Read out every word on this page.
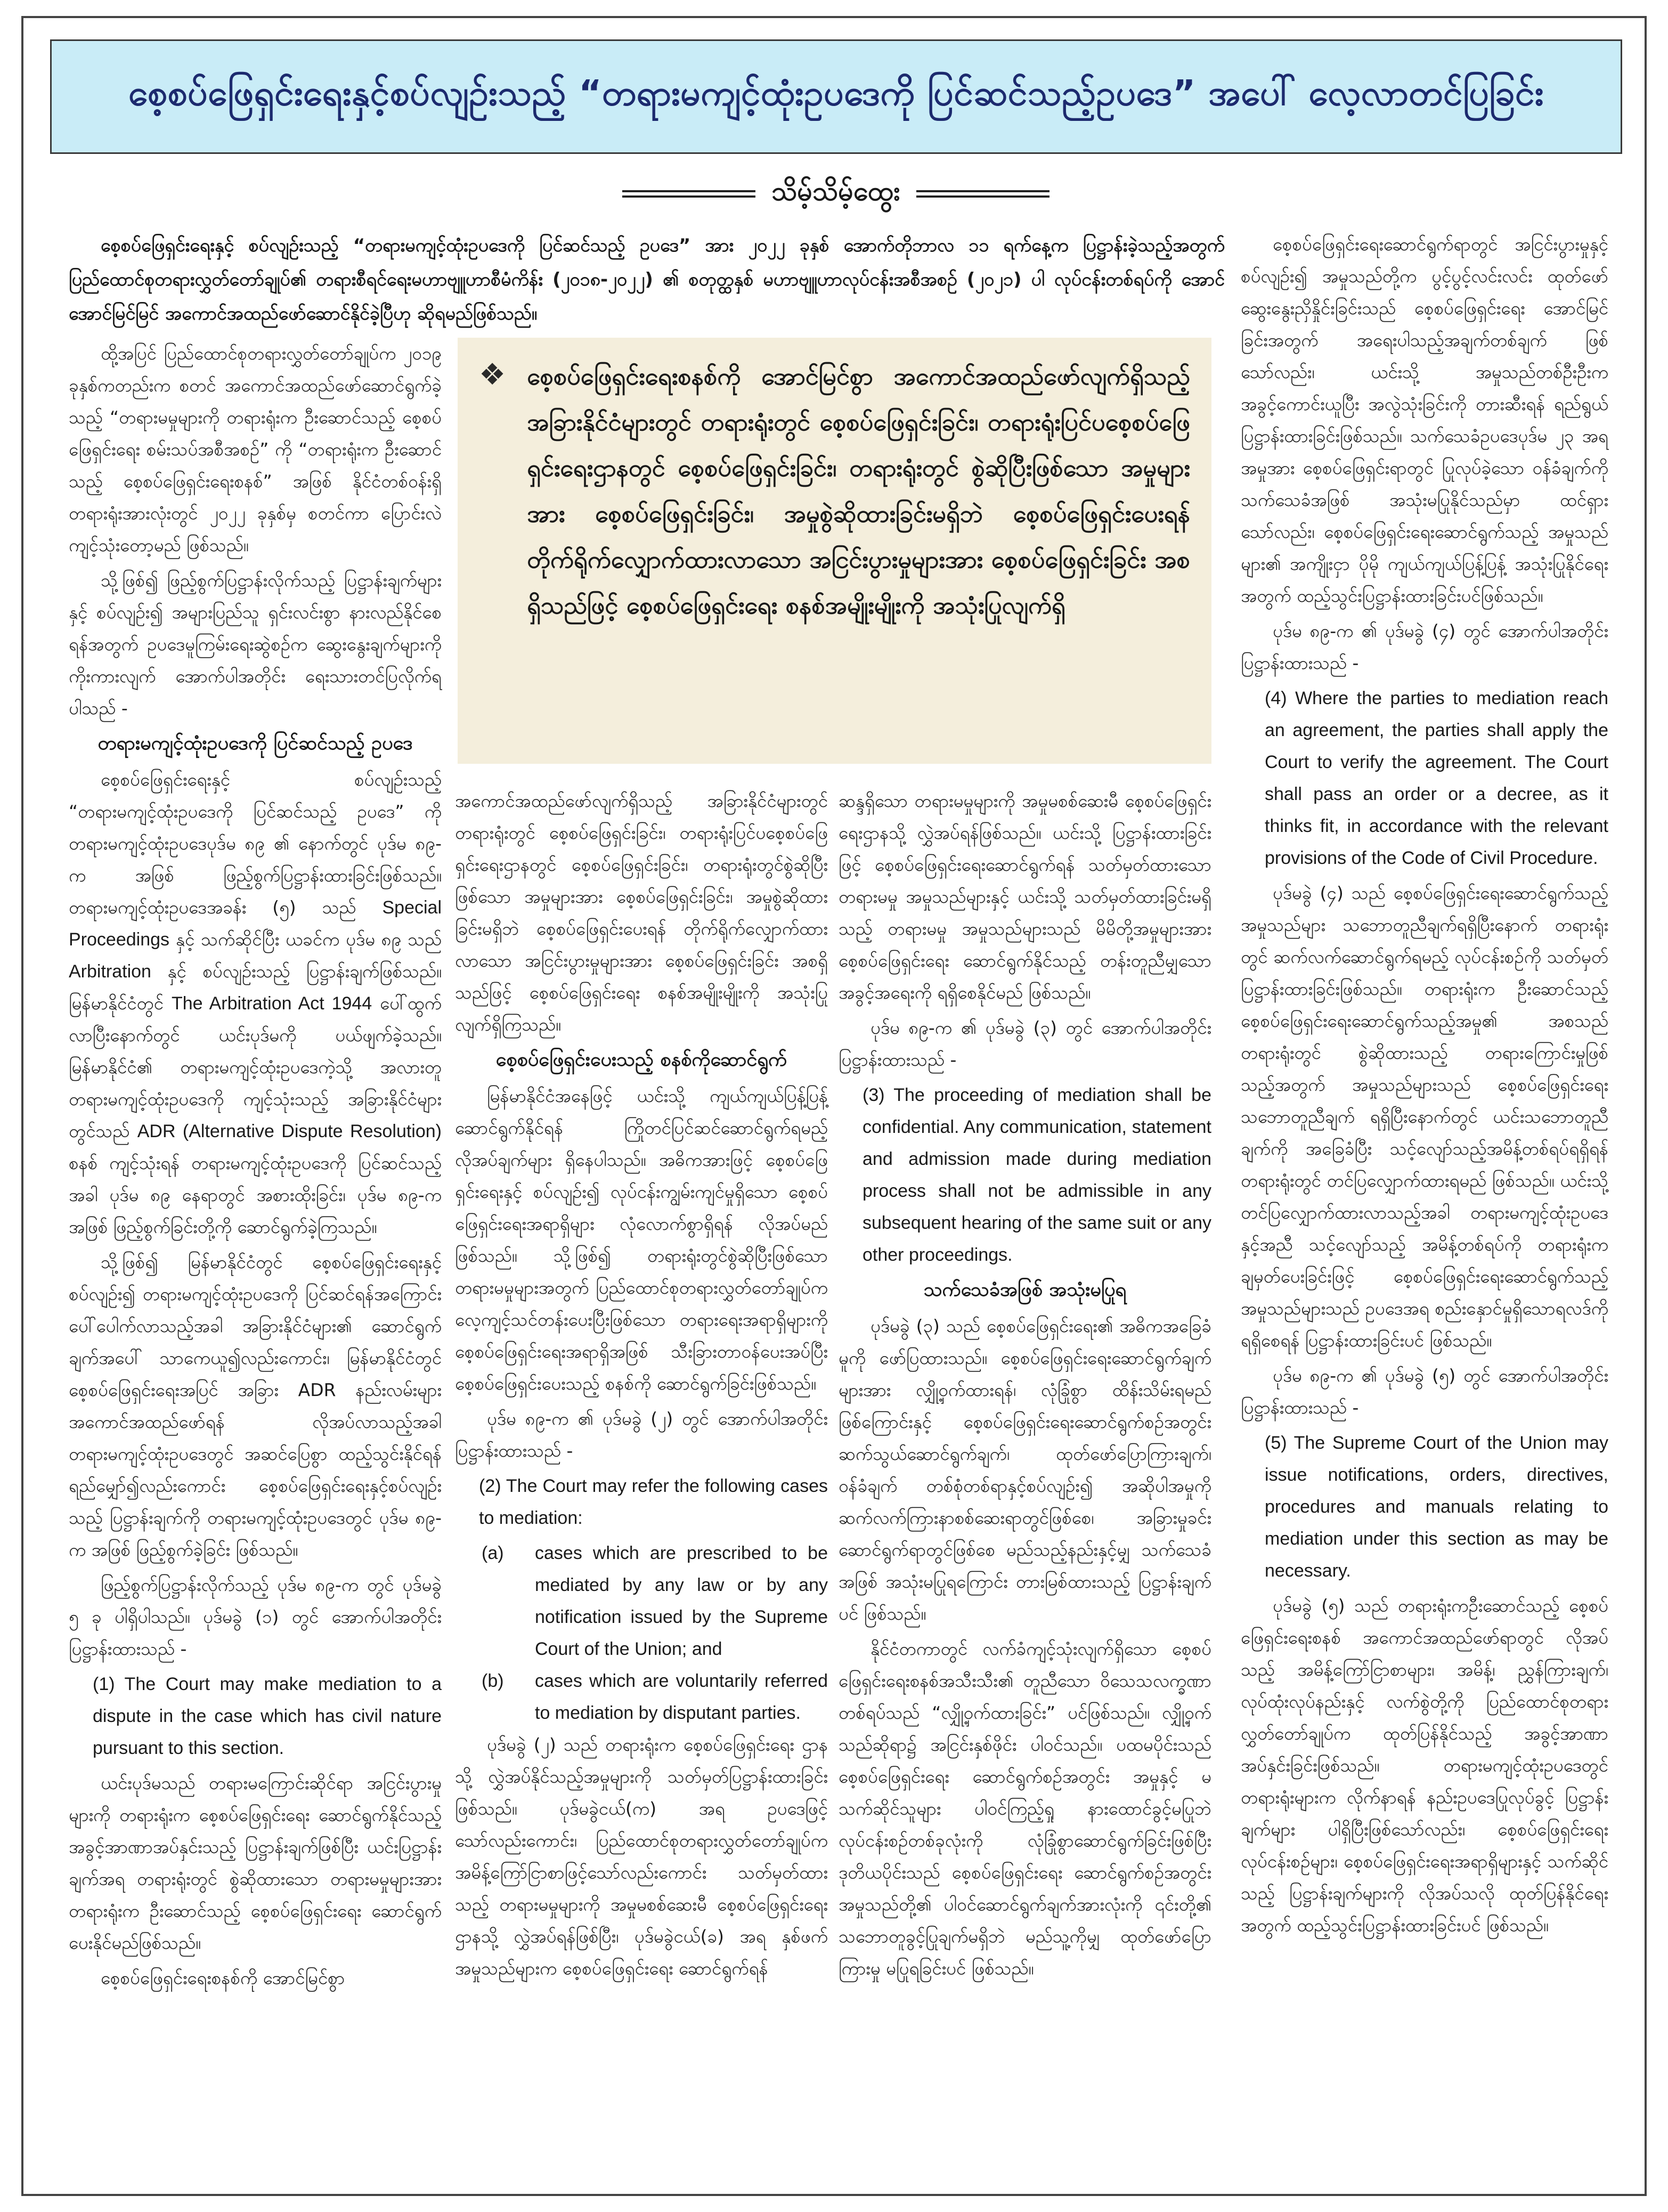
စေ့စပ်ဖြေရှင်းရေးနှင့်စပ်လျဉ်းသည့် “တရားမကျင့်ထုံးဥပဒေကို ပြင်ဆင်သည့်ဥပဒေ” အပေါ် လေ့လာတင်ပြခြင်း
သိမ့်သိမ့်ထွေး

စေ့စပ်ဖြေရှင်းရေးနှင့် စပ်လျဉ်းသည့် “တရားမကျင့်ထုံးဥပဒေကို ပြင်ဆင်သည့် ဥပဒေ” အား ၂၀၂၂ ခုနှစ် အောက်တိုဘာလ ၁၁ ရက်နေ့က ပြဋ္ဌာန်းခဲ့သည့်အတွက် ပြည်ထောင်စုတရားလွှတ်တော်ချုပ်၏ တရားစီရင်ရေးမဟာဗျူဟာစီမံကိန်း (၂၀၁၈-၂၀၂၂) ၏ စတုတ္ထနှစ် မဟာဗျူဟာလုပ်ငန်းအစီအစဉ် (၂၀၂၁) ပါ လုပ်ငန်းတစ်ရပ်ကို အောင်အောင်မြင်မြင် အကောင်အထည်ဖော်ဆောင်နိုင်ခဲ့ပြီဟု ဆိုရမည်ဖြစ်သည်။

❖ စေ့စပ်ဖြေရှင်းရေးစနစ်ကို အောင်မြင်စွာ အကောင်အထည်ဖော်လျက်ရှိသည့် အခြားနိုင်ငံများတွင် တရားရုံးတွင် စေ့စပ်ဖြေရှင်းခြင်း၊ တရားရုံးပြင်ပစေ့စပ်ဖြေရှင်းရေးဌာနတွင် စေ့စပ်ဖြေရှင်းခြင်း၊ တရားရုံးတွင် စွဲဆိုပြီးဖြစ်သော အမှုများအား စေ့စပ်ဖြေရှင်းခြင်း၊ အမှုစွဲဆိုထားခြင်းမရှိဘဲ စေ့စပ်ဖြေရှင်းပေးရန် တိုက်ရိုက်လျှောက်ထားလာသော အငြင်းပွားမှုများအား စေ့စပ်ဖြေရှင်းခြင်း အစရှိသည်ဖြင့် စေ့စပ်ဖြေရှင်းရေး စနစ်အမျိုးမျိုးကို အသုံးပြုလျက်ရှိ

ထို့အပြင် ပြည်ထောင်စုတရားလွှတ်တော်ချုပ်က ၂၀၁၉ ခုနှစ်ကတည်းက စတင် အကောင်အထည်ဖော်ဆောင်ရွက်ခဲ့သည့် “တရားမမှုများကို တရားရုံးက ဦးဆောင်သည့် စေ့စပ်ဖြေရှင်းရေး စမ်းသပ်အစီအစဉ်” ကို “တရားရုံးက ဦးဆောင်သည့် စေ့စပ်ဖြေရှင်းရေးစနစ်” အဖြစ် နိုင်ငံတစ်ဝန်းရှိ တရားရုံးအားလုံးတွင် ၂၀၂၂ ခုနှစ်မှ စတင်ကာ ပြောင်းလဲကျင့်သုံးတော့မည် ဖြစ်သည်။

သို့ဖြစ်၍ ဖြည့်စွက်ပြဋ္ဌာန်းလိုက်သည့် ပြဋ္ဌာန်းချက်များနှင့် စပ်လျဉ်း၍ အများပြည်သူ ရှင်းလင်းစွာ နားလည်နိုင်စေရန်အတွက် ဥပဒေမူကြမ်းရေးဆွဲစဉ်က ဆွေးနွေးချက်များကို ကိုးကားလျက် အောက်ပါအတိုင်း ရေးသားတင်ပြလိုက်ရပါသည် -

တရားမကျင့်ထုံးဥပဒေကို ပြင်ဆင်သည့် ဥပဒေ

စေ့စပ်ဖြေရှင်းရေးနှင့် စပ်လျဉ်းသည့် “တရားမကျင့်ထုံးဥပဒေကို ပြင်ဆင်သည့် ဥပဒေ” ကို တရားမကျင့်ထုံးဥပဒေပုဒ်မ ၈၉ ၏ နောက်တွင် ပုဒ်မ ၈၉-က အဖြစ် ဖြည့်စွက်ပြဋ္ဌာန်းထားခြင်းဖြစ်သည်။ တရားမကျင့်ထုံးဥပဒေအခန်း (၅) သည် Special Proceedings နှင့် သက်ဆိုင်ပြီး ယခင်က ပုဒ်မ ၈၉ သည် Arbitration နှင့် စပ်လျဉ်းသည့် ပြဋ္ဌာန်းချက်ဖြစ်သည်။ မြန်မာနိုင်ငံတွင် The Arbitration Act 1944 ပေါ်ထွက်လာပြီးနောက်တွင် ယင်းပုဒ်မကို ပယ်ဖျက်ခဲ့သည်။ မြန်မာနိုင်ငံ၏ တရားမကျင့်ထုံးဥပဒေကဲ့သို့ အလားတူတရားမကျင့်ထုံးဥပဒေကို ကျင့်သုံးသည့် အခြားနိုင်ငံများတွင်သည် ADR (Alternative Dispute Resolution) စနစ် ကျင့်သုံးရန် တရားမကျင့်ထုံးဥပဒေကို ပြင်ဆင်သည့်အခါ ပုဒ်မ ၈၉ နေရာတွင် အစားထိုးခြင်း၊ ပုဒ်မ ၈၉-က အဖြစ် ဖြည့်စွက်ခြင်းတို့ကို ဆောင်ရွက်ခဲ့ကြသည်။

သို့ဖြစ်၍ မြန်မာနိုင်ငံတွင် စေ့စပ်ဖြေရှင်းရေးနှင့် စပ်လျဉ်း၍ တရားမကျင့်ထုံးဥပဒေကို ပြင်ဆင်ရန်အကြောင်း ပေါ်ပေါက်လာသည့်အခါ အခြားနိုင်ငံများ၏ ဆောင်ရွက်ချက်အပေါ် သာကေယူ၍လည်းကောင်း၊ မြန်မာနိုင်ငံတွင် စေ့စပ်ဖြေရှင်းရေးအပြင် အခြား ADR နည်းလမ်းများအကောင်အထည်ဖော်ရန် လိုအပ်လာသည့်အခါ တရားမကျင့်ထုံးဥပဒေတွင် အဆင်ပြေစွာ ထည့်သွင်းနိုင်ရန် ရည်မျှော်၍လည်းကောင်း စေ့စပ်ဖြေရှင်းရေးနှင့်စပ်လျဉ်းသည့် ပြဋ္ဌာန်းချက်ကို တရားမကျင့်ထုံးဥပဒေတွင် ပုဒ်မ ၈၉-က အဖြစ် ဖြည့်စွက်ခဲ့ခြင်း ဖြစ်သည်။

ဖြည့်စွက်ပြဋ္ဌာန်းလိုက်သည့် ပုဒ်မ ၈၉-က တွင် ပုဒ်မခွဲ ၅ ခု ပါရှိပါသည်။ ပုဒ်မခွဲ (၁) တွင် အောက်ပါအတိုင်း ပြဋ္ဌာန်းထားသည် -

(1) The Court may make mediation to a dispute in the case which has civil nature pursuant to this section.

ယင်းပုဒ်မသည် တရားမကြောင်းဆိုင်ရာ အငြင်းပွားမှုများကို တရားရုံးက စေ့စပ်ဖြေရှင်းရေး ဆောင်ရွက်နိုင်သည့် အခွင့်အာဏာအပ်နှင်းသည့် ပြဋ္ဌာန်းချက်ဖြစ်ပြီး ယင်းပြဋ္ဌာန်းချက်အရ တရားရုံးတွင် စွဲဆိုထားသော တရားမမှုများအား တရားရုံးက ဦးဆောင်သည့် စေ့စပ်ဖြေရှင်းရေး ဆောင်ရွက်ပေးနိုင်မည်ဖြစ်သည်။

စေ့စပ်ဖြေရှင်းရေးစနစ်ကို အောင်မြင်စွာ

အကောင်အထည်ဖော်လျက်ရှိသည့် အခြားနိုင်ငံများတွင် တရားရုံးတွင် စေ့စပ်ဖြေရှင်းခြင်း၊ တရားရုံးပြင်ပစေ့စပ်ဖြေရှင်းရေးဌာနတွင် စေ့စပ်ဖြေရှင်းခြင်း၊ တရားရုံးတွင်စွဲဆိုပြီးဖြစ်သော အမှုများအား စေ့စပ်ဖြေရှင်းခြင်း၊ အမှုစွဲဆိုထားခြင်းမရှိဘဲ စေ့စပ်ဖြေရှင်းပေးရန် တိုက်ရိုက်လျှောက်ထားလာသော အငြင်းပွားမှုများအား စေ့စပ်ဖြေရှင်းခြင်း အစရှိသည်ဖြင့် စေ့စပ်ဖြေရှင်းရေး စနစ်အမျိုးမျိုးကို အသုံးပြုလျက်ရှိကြသည်။

စေ့စပ်ဖြေရှင်းပေးသည့် စနစ်ကိုဆောင်ရွက်

မြန်မာနိုင်ငံအနေဖြင့် ယင်းသို့ ကျယ်ကျယ်ပြန့်ပြန့် ဆောင်ရွက်နိုင်ရန် ကြိုတင်ပြင်ဆင်ဆောင်ရွက်ရမည့် လိုအပ်ချက်များ ရှိနေပါသည်။ အဓိကအားဖြင့် စေ့စပ်ဖြေရှင်းရေးနှင့် စပ်လျဉ်း၍ လုပ်ငန်းကျွမ်းကျင်မှုရှိသော စေ့စပ်ဖြေရှင်းရေးအရာရှိများ လုံလောက်စွာရှိရန် လိုအပ်မည်ဖြစ်သည်။ သို့ဖြစ်၍ တရားရုံးတွင်စွဲဆိုပြီးဖြစ်သော တရားမမှုများအတွက် ပြည်ထောင်စုတရားလွှတ်တော်ချုပ်က လေ့ကျင့်သင်တန်းပေးပြီးဖြစ်သော တရားရေးအရာရှိများကို စေ့စပ်ဖြေရှင်းရေးအရာရှိအဖြစ် သီးခြားတာဝန်ပေးအပ်ပြီး စေ့စပ်ဖြေရှင်းပေးသည့် စနစ်ကို ဆောင်ရွက်ခြင်းဖြစ်သည်။

ပုဒ်မ ၈၉-က ၏ ပုဒ်မခွဲ (၂) တွင် အောက်ပါအတိုင်း ပြဋ္ဌာန်းထားသည် -

(2) The Court may refer the following cases to mediation:

(a)	cases which are prescribed to be mediated by any law or by any notification issued by the Supreme Court of the Union; and
(b)	cases which are voluntarily referred to mediation by disputant parties.

ပုဒ်မခွဲ (၂) သည် တရားရုံးက စေ့စပ်ဖြေရှင်းရေး ဌာနသို့ လွှဲအပ်နိုင်သည့်အမှုများကို သတ်မှတ်ပြဋ္ဌာန်းထားခြင်းဖြစ်သည်။ ပုဒ်မခွဲငယ်(က) အရ ဥပဒေဖြင့်သော်လည်းကောင်း၊ ပြည်ထောင်စုတရားလွှတ်တော်ချုပ်က အမိန့်ကြော်ငြာစာဖြင့်သော်လည်းကောင်း သတ်မှတ်ထားသည့် တရားမမှုများကို အမှုမစစ်ဆေးမီ စေ့စပ်ဖြေရှင်းရေးဌာနသို့ လွှဲအပ်ရန်ဖြစ်ပြီး၊ ပုဒ်မခွဲငယ်(ခ) အရ နှစ်ဖက်အမှုသည်များက စေ့စပ်ဖြေရှင်းရေး ဆောင်ရွက်ရန်

ဆန္ဒရှိသော တရားမမှုများကို အမှုမစစ်ဆေးမီ စေ့စပ်ဖြေရှင်းရေးဌာနသို့ လွှဲအပ်ရန်ဖြစ်သည်။ ယင်းသို့ ပြဋ္ဌာန်းထားခြင်းဖြင့် စေ့စပ်ဖြေရှင်းရေးဆောင်ရွက်ရန် သတ်မှတ်ထားသော တရားမမှု အမှုသည်များနှင့် ယင်းသို့ သတ်မှတ်ထားခြင်းမရှိသည့် တရားမမှု အမှုသည်များသည် မိမိတို့အမှုများအား စေ့စပ်ဖြေရှင်းရေး ဆောင်ရွက်နိုင်သည့် တန်းတူညီမျှသော အခွင့်အရေးကို ရရှိစေနိုင်မည် ဖြစ်သည်။

ပုဒ်မ ၈၉-က ၏ ပုဒ်မခွဲ (၃) တွင် အောက်ပါအတိုင်း ပြဋ္ဌာန်းထားသည် -

(3) The proceeding of mediation shall be confidential. Any communication, statement and admission made during mediation process shall not be admissible in any subsequent hearing of the same suit or any other proceedings.

သက်သေခံအဖြစ် အသုံးမပြုရ

ပုဒ်မခွဲ (၃) သည် စေ့စပ်ဖြေရှင်းရေး၏ အဓိကအခြေခံမူကို ဖော်ပြထားသည်။ စေ့စပ်ဖြေရှင်းရေးဆောင်ရွက်ချက်များအား လျှို့ဝှက်ထားရန်၊ လုံခြုံစွာ ထိန်းသိမ်းရမည်ဖြစ်ကြောင်းနှင့် စေ့စပ်ဖြေရှင်းရေးဆောင်ရွက်စဉ်အတွင်း ဆက်သွယ်ဆောင်ရွက်ချက်၊ ထုတ်ဖော်ပြောကြားချက်၊ ဝန်ခံချက် တစ်စုံတစ်ရာနှင့်စပ်လျဉ်း၍ အဆိုပါအမှုကို ဆက်လက်ကြားနာစစ်ဆေးရာတွင်ဖြစ်စေ၊ အခြားမှုခင်းဆောင်ရွက်ရာတွင်ဖြစ်စေ မည်သည့်နည်းနှင့်မျှ သက်သေခံအဖြစ် အသုံးမပြုရကြောင်း တားမြစ်ထားသည့် ပြဋ္ဌာန်းချက်ပင် ဖြစ်သည်။

နိုင်ငံတကာတွင် လက်ခံကျင့်သုံးလျက်ရှိသော စေ့စပ်ဖြေရှင်းရေးစနစ်အသီးသီး၏ တူညီသော ဝိသေသလက္ခဏာတစ်ရပ်သည် “လျှို့ဝှက်ထားခြင်း” ပင်ဖြစ်သည်။ လျှို့ဝှက်သည်ဆိုရာ၌ အငြင်းနှစ်ဖိုင်း ပါဝင်သည်။ ပထမပိုင်းသည် စေ့စပ်ဖြေရှင်းရေး ဆောင်ရွက်စဉ်အတွင်း အမှုနှင့် မသက်ဆိုင်သူများ ပါဝင်ကြည့်ရှု နားထောင်ခွင့်မပြုဘဲ လုပ်ငန်းစဉ်တစ်ခုလုံးကို လုံခြုံစွာဆောင်ရွက်ခြင်းဖြစ်ပြီး ဒုတိယပိုင်းသည် စေ့စပ်ဖြေရှင်းရေး ဆောင်ရွက်စဉ်အတွင်း အမှုသည်တို့၏ ပါဝင်ဆောင်ရွက်ချက်အားလုံးကို ၎င်းတို့၏ သဘောတူခွင့်ပြုချက်မရှိဘဲ မည်သူ့ကိုမျှ ထုတ်ဖော်ပြောကြားမှု မပြုရခြင်းပင် ဖြစ်သည်။

စေ့စပ်ဖြေရှင်းရေးဆောင်ရွက်ရာတွင် အငြင်းပွားမှုနှင့် စပ်လျဉ်း၍ အမှုသည်တို့က ပွင့်ပွင့်လင်းလင်း ထုတ်ဖော်ဆွေးနွေးညှိနှိုင်းခြင်းသည် စေ့စပ်ဖြေရှင်းရေး အောင်မြင်ခြင်းအတွက် အရေးပါသည့်အချက်တစ်ချက် ဖြစ်သော်လည်း၊ ယင်းသို့ အမှုသည်တစ်ဦးဦးက အခွင့်ကောင်းယူပြီး အလွဲသုံးခြင်းကို တားဆီးရန် ရည်ရွယ်ပြဋ္ဌာန်းထားခြင်းဖြစ်သည်။ သက်သေခံဥပဒေပုဒ်မ ၂၃ အရ အမှုအား စေ့စပ်ဖြေရှင်းရာတွင် ပြုလုပ်ခဲ့သော ဝန်ခံချက်ကို သက်သေခံအဖြစ် အသုံးမပြုနိုင်သည်မှာ ထင်ရှားသော်လည်း၊ စေ့စပ်ဖြေရှင်းရေးဆောင်ရွက်သည့် အမှုသည်များ၏ အကျိုးငှာ ပိုမို ကျယ်ကျယ်ပြန့်ပြန့် အသုံးပြုနိုင်ရေးအတွက် ထည့်သွင်းပြဋ္ဌာန်းထားခြင်းပင်ဖြစ်သည်။

ပုဒ်မ ၈၉-က ၏ ပုဒ်မခွဲ (၄) တွင် အောက်ပါအတိုင်း ပြဋ္ဌာန်းထားသည် -

(4) Where the parties to mediation reach an agreement, the parties shall apply the Court to verify the agreement. The Court shall pass an order or a decree, as it thinks fit, in accordance with the relevant provisions of the Code of Civil Procedure.

ပုဒ်မခွဲ (၄) သည် စေ့စပ်ဖြေရှင်းရေးဆောင်ရွက်သည့်အမှုသည်များ သဘောတူညီချက်ရရှိပြီးနောက် တရားရုံးတွင် ဆက်လက်ဆောင်ရွက်ရမည့် လုပ်ငန်းစဉ်ကို သတ်မှတ်ပြဋ္ဌာန်းထားခြင်းဖြစ်သည်။ တရားရုံးက ဦးဆောင်သည့် စေ့စပ်ဖြေရှင်းရေးဆောင်ရွက်သည့်အမှု၏ အစသည် တရားရုံးတွင် စွဲဆိုထားသည့် တရားကြောင်းမှုဖြစ်သည့်အတွက် အမှုသည်များသည် စေ့စပ်ဖြေရှင်းရေးသဘောတူညီချက် ရရှိပြီးနောက်တွင် ယင်းသဘောတူညီချက်ကို အခြေခံပြီး သင့်လျော်သည့်အမိန့်တစ်ရပ်ရရှိရန် တရားရုံးတွင် တင်ပြလျှောက်ထားရမည် ဖြစ်သည်။ ယင်းသို့ တင်ပြလျှောက်ထားလာသည့်အခါ တရားမကျင့်ထုံးဥပဒေနှင့်အညီ သင့်လျော်သည့် အမိန့်တစ်ရပ်ကို တရားရုံးက ချမှတ်ပေးခြင်းဖြင့် စေ့စပ်ဖြေရှင်းရေးဆောင်ရွက်သည့် အမှုသည်များသည် ဥပဒေအရ စည်းနှောင်မှုရှိသောရလဒ်ကို ရရှိစေရန် ပြဋ္ဌာန်းထားခြင်းပင် ဖြစ်သည်။

ပုဒ်မ ၈၉-က ၏ ပုဒ်မခွဲ (၅) တွင် အောက်ပါအတိုင်း ပြဋ္ဌာန်းထားသည် -

(5) The Supreme Court of the Union may issue notifications, orders, directives, procedures and manuals relating to mediation under this section as may be necessary.

ပုဒ်မခွဲ (၅) သည် တရားရုံးကဦးဆောင်သည့် စေ့စပ်ဖြေရှင်းရေးစနစ် အကောင်အထည်ဖော်ရာတွင် လိုအပ်သည့် အမိန့်ကြော်ငြာစာများ၊ အမိန့်၊ ညွှန်ကြားချက်၊ လုပ်ထုံးလုပ်နည်းနှင့် လက်စွဲတို့ကို ပြည်ထောင်စုတရားလွှတ်တော်ချုပ်က ထုတ်ပြန်နိုင်သည့် အခွင့်အာဏာ အပ်နှင်းခြင်းဖြစ်သည်။ တရားမကျင့်ထုံးဥပဒေတွင် တရားရုံးများက လိုက်နာရန် နည်းဥပဒေပြုလုပ်ခွင့် ပြဋ္ဌာန်းချက်များ ပါရှိပြီးဖြစ်သော်လည်း၊ စေ့စပ်ဖြေရှင်းရေးလုပ်ငန်းစဉ်များ၊ စေ့စပ်ဖြေရှင်းရေးအရာရှိများနှင့် သက်ဆိုင်သည့် ပြဋ္ဌာန်းချက်များကို လိုအပ်သလို ထုတ်ပြန်နိုင်ရေးအတွက် ထည့်သွင်းပြဋ္ဌာန်းထားခြင်းပင် ဖြစ်သည်။
